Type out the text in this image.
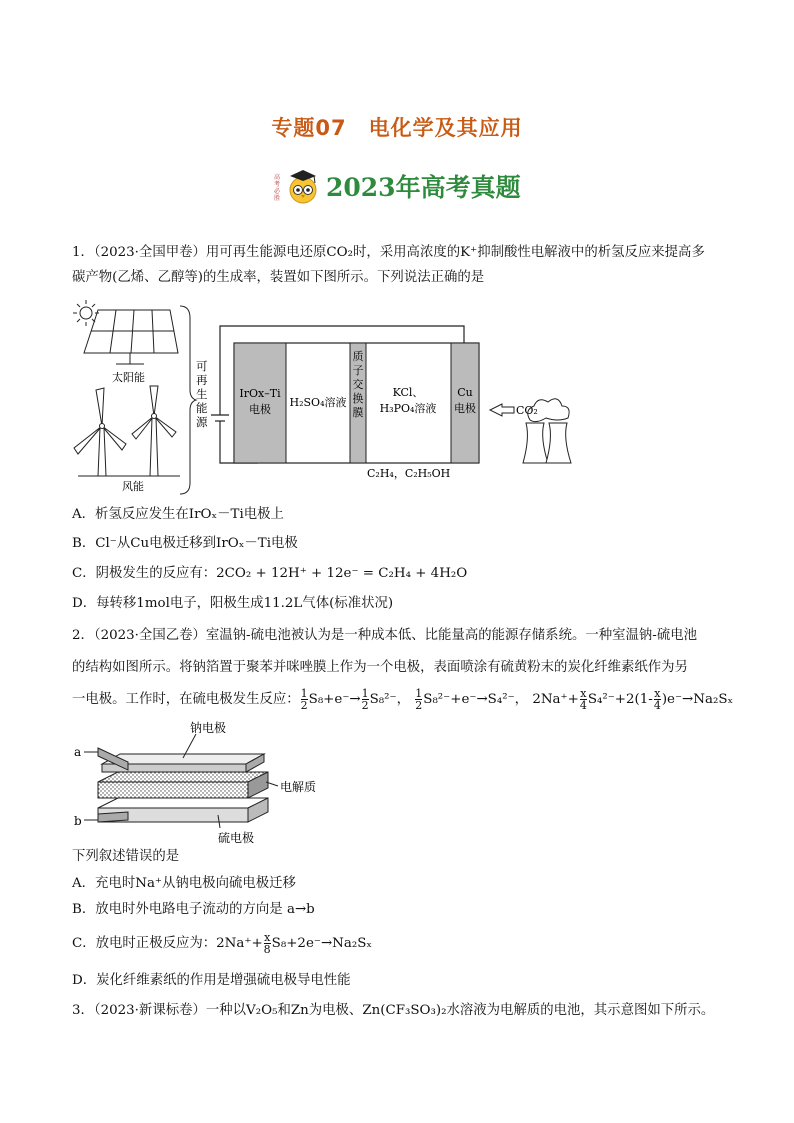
专题07 电化学及其应用
高
考
必
胜 2023年高考真题
1．（2023·全国甲卷）用可再生能源电还原CO₂时，采用高浓度的K⁺抑制酸性电解液中的析氢反应来提高多
碳产物(乙烯、乙醇等)的生成率，装置如下图所示。下列说法正确的是
太阳能
风能
可
再
生
能
源
IrOx–Ti
电极
H₂SO₄溶液
质
子
交
换
膜
KCl、
H₃PO₄溶液
Cu
电极	CO₂
C₂H₄，C₂H₅OH
A．析氢反应发生在IrOₓ－Ti电极上
B．Cl⁻从Cu电极迁移到IrOₓ－Ti电极
C．阴极发生的反应有：2CO₂ + 12H⁺ + 12e⁻ = C₂H₄ + 4H₂O
D．每转移1mol电子，阳极生成11.2L气体(标准状况)
2．（2023·全国乙卷）室温钠-硫电池被认为是一种成本低、比能量高的能源存储系统。一种室温钠-硫电池
的结构如图所示。将钠箔置于聚苯并咪唑膜上作为一个电极，表面喷涂有硫黄粉末的炭化纤维素纸作为另
一电极。工作时，在硫电极发生反应： $\frac{1}{2} S_8+e^-\to \frac{1}{2} S_8^{2-}$， $\frac{1}{2} S_8^{2-}+e^-\to S_4^{2-}$， $2Na^++ \frac{x}{4} S_4^{2-}+2(1- \frac{x}{4} )e^-\to Na_2S_x$
a
b
钠电极
电解质
硫电极
下列叙述错误的是
A．充电时Na⁺从钠电极向硫电极迁移
B．放电时外电路电子流动的方向是 a→b
C．放电时正极反应为：$2Na^++ \frac{x}{8} S_8+2e^-\to Na_2S_x$
D．炭化纤维素纸的作用是增强硫电极导电性能
3．（2023·新课标卷）一种以V₂O₅和Zn为电极、Zn(CF₃SO₃)₂水溶液为电解质的电池，其示意图如下所示。
